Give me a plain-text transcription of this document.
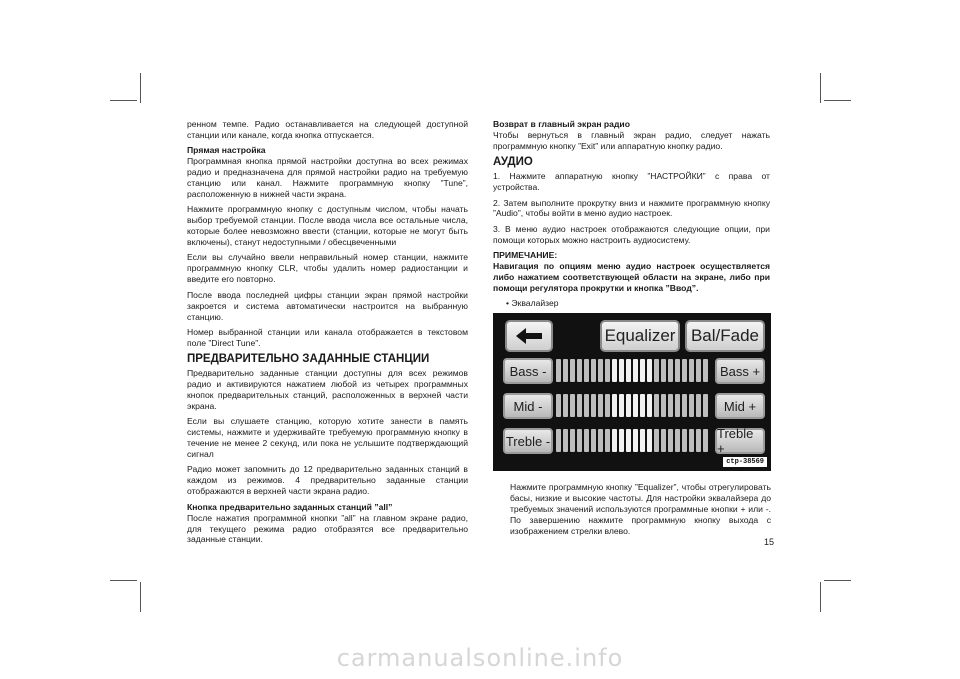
ренном темпе. Радио останавливается на следующей доступной станции или канале, когда кнопка отпускается.

Прямая настройка

Программная кнопка прямой настройки доступна во всех режимах радио и предназначена для прямой настройки радио на требуемую станцию или канал. Нажмите программную кнопку ”Tune”, расположенную в нижней части экрана.

Нажмите программную кнопку с доступным числом, чтобы начать выбор требуемой станции. После ввода числа все остальные числа, которые более невозможно ввести (станции, которые не могут быть включены), станут недоступными / обесцвеченными

Если вы случайно ввели неправильный номер станции, нажмите программную кнопку CLR, чтобы удалить номер радиостанции и введите его повторно.

После ввода последней цифры станции экран прямой настройки закроется и система автоматически настроится на выбранную станцию.

Номер выбранной станции или канала отображается в текстовом поле ”Direct Tune”.

ПРЕДВАРИТЕЛЬНО ЗАДАННЫЕ СТАНЦИИ

Предварительно заданные станции доступны для всех режимов радио и активируются нажатием любой из четырех программных кнопок предварительных станций, расположенных в верхней части экрана.

Если вы слушаете станцию, которую хотите занести в память системы, нажмите и удерживайте требуемую программную кнопку в течение не менее 2 секунд, или пока не услышите подтверждающий сигнал

Радио может запомнить до 12 предварительно заданных станций в каждом из режимов. 4 предварительно заданные станции отображаются в верхней части экрана радио.

Кнопка предварительно заданных станций ”all”

После нажатия программной кнопки ”all” на главном экране радио, для текущего режима радио отобразятся все предварительно заданные станции.

Возврат в главный экран радио

Чтобы вернуться в главный экран радио, следует нажать программную кнопку ”Exit” или аппаратную кнопку радио.

АУДИО

1. Нажмите аппаратную кнопку ”НАСТРОЙКИ” с права от устройства.

2. Затем выполните прокрутку вниз и нажмите программную кнопку ”Audio”, чтобы войти в меню аудио настроек.

3. В меню аудио настроек отображаются следующие опции, при помощи которых можно настроить аудиосистему.

ПРИМЕЧАНИЕ:

Навигация по опциям меню аудио настроек осуществляется либо нажатием соответствующей области на экране, либо при помощи регулятора прокрутки и кнопка ”Ввод”.

• Эквалайзер

Equalizer Bal/Fade
Bass -	Bass +
Mid -	Mid +
Treble -	Treble +
ctp-38569

Нажмите программную кнопку ”Equalizer”, чтобы отрегулировать басы, низкие и высокие частоты. Для настройки эквалайзера до требуемых значений используются программные кнопки + или -. По завершению нажмите программную кнопку выхода с изображением стрелки влево.

15
carmanualsonline.info
